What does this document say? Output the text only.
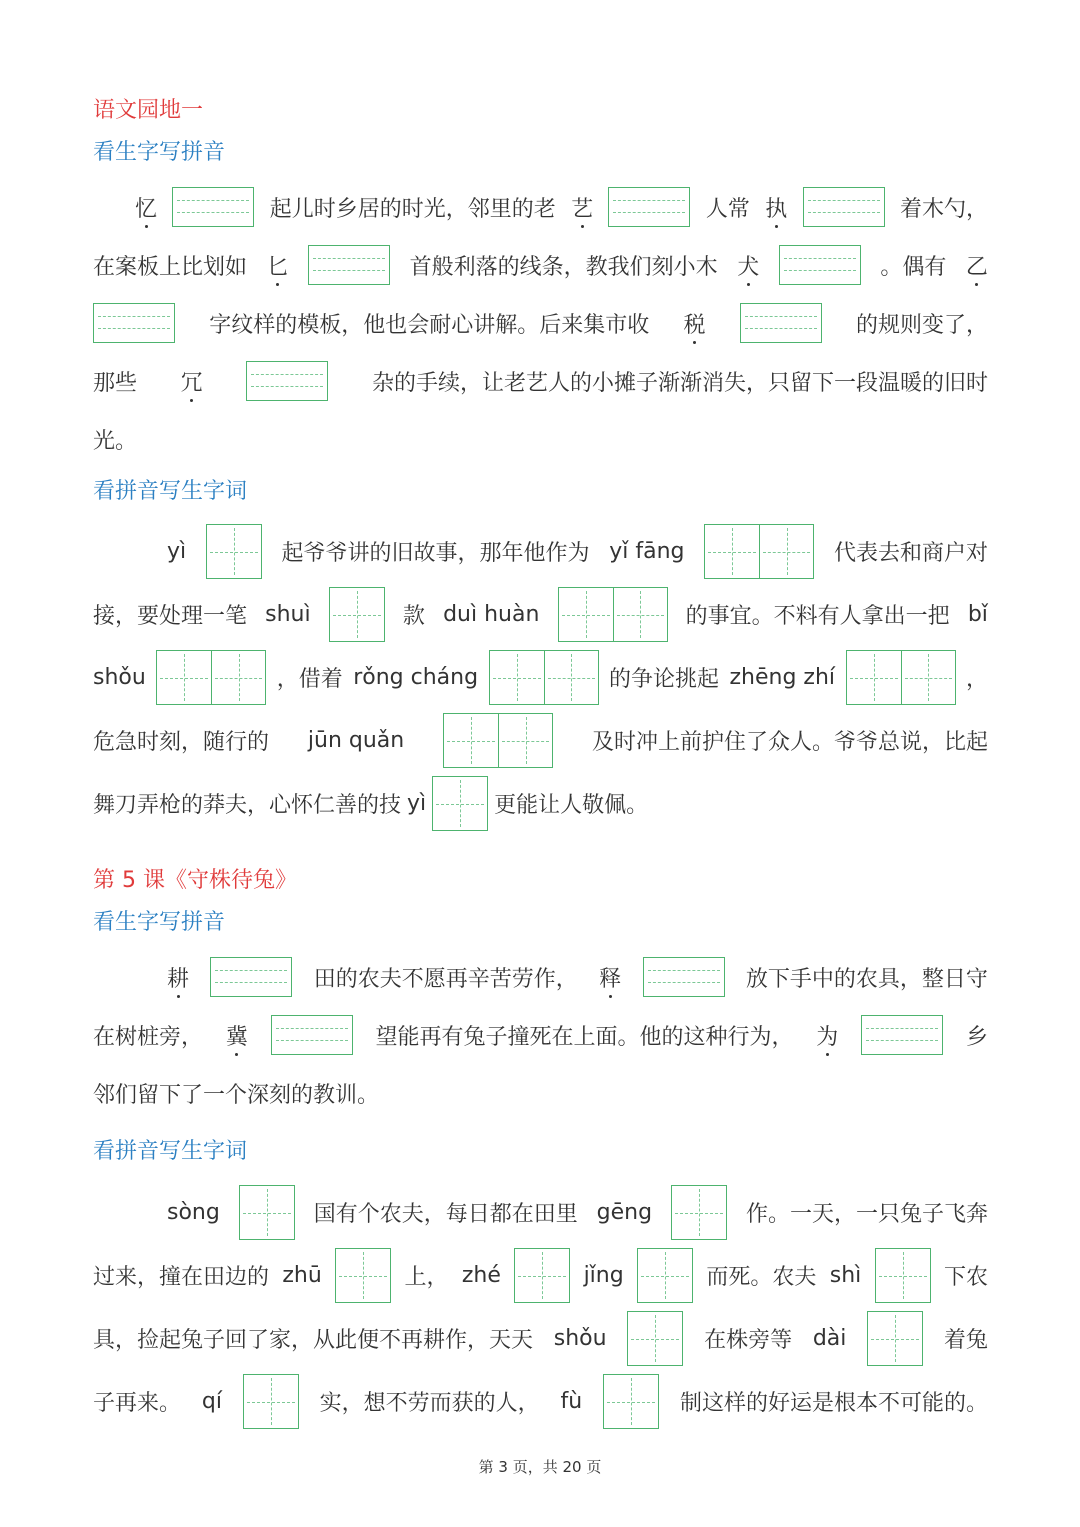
语文园地一
看生字写拼音
忆	起儿时乡居的时光，邻里的老 艺	人常 执	着木勺，
在案板上比划如 匕	首般利落的线条，教我们刻小木 犬	。偶有 乙
字纹样的模板，他也会耐心讲解。后来集市收 税	的规则变了，
那些 冗	杂的手续，让老艺人的小摊子渐渐消失，只留下一段温暖的旧时
光。
看拼音写生字词
yì	起爷爷讲的旧故事，那年他作为 yǐ fāng	代表去和商户对
接，要处理一笔 shuì	款 duì huàn	的事宜。不料有人拿出一把 bǐ
shǒu	，借着 rǒng cháng	的争论挑起 zhēng zhí	，
危急时刻，随行的 jūn quǎn	及时冲上前护住了众人。爷爷总说，比起
舞刀弄枪的莽夫，心怀仁善的技 yì	更能让人敬佩。
第 5 课《守株待兔》
看生字写拼音
耕	田的农夫不愿再辛苦劳作， 释	放下手中的农具，整日守
在树桩旁， 冀	望能再有兔子撞死在上面。他的这种行为， 为	乡
邻们留下了一个深刻的教训。
看拼音写生字词
sòng	国有个农夫，每日都在田里 gēng	作。一天，一只兔子飞奔
过来，撞在田边的 zhū	上， zhé	jǐng	而死。农夫 shì	下农
具，捡起兔子回了家，从此便不再耕作，天天 shǒu	在株旁等 dài	着兔
子再来。 qí	实，想不劳而获的人， fù	制这样的好运是根本不可能的。
第 3 页，共 20 页
